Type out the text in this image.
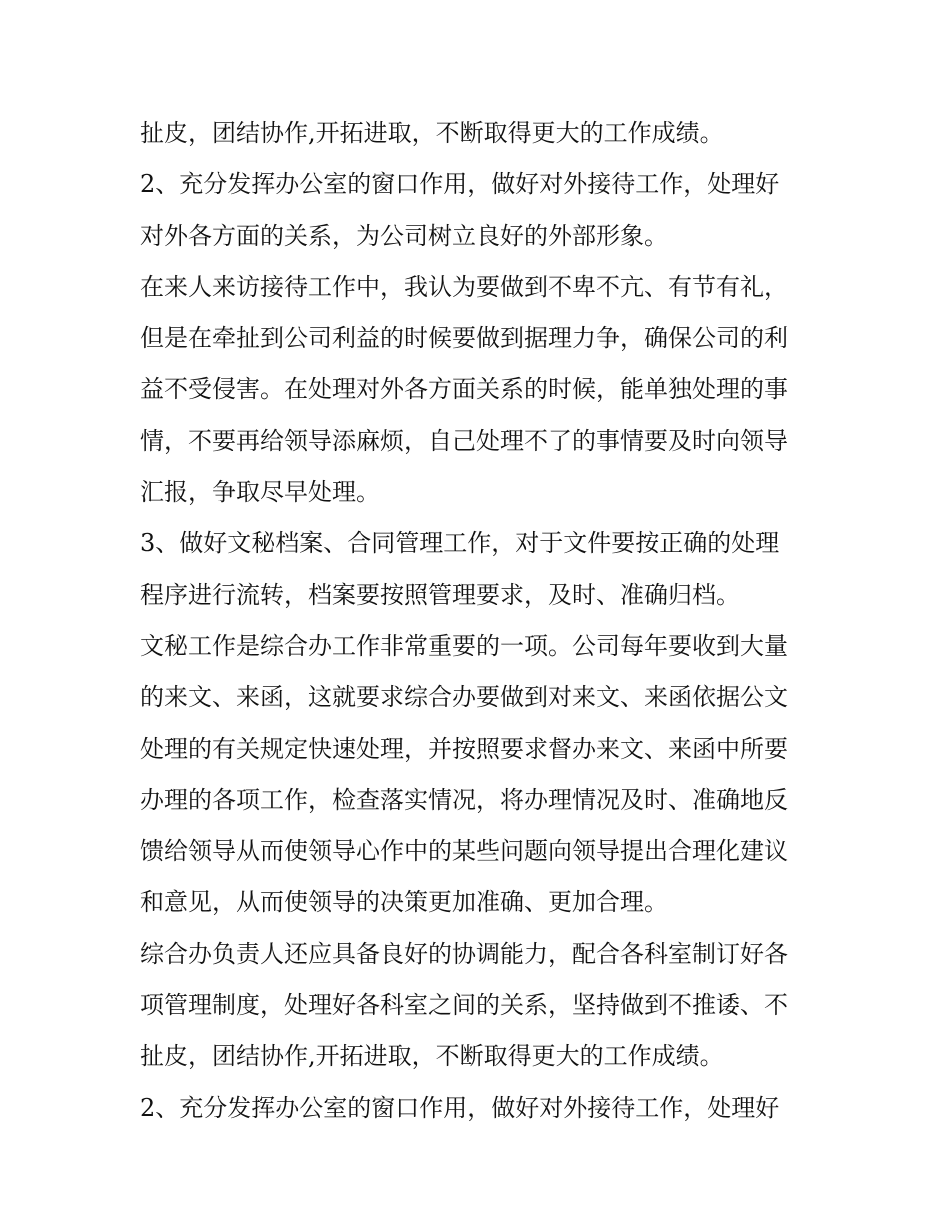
扯皮，团结协作,开拓进取，不断取得更大的工作成绩。
2、充分发挥办公室的窗口作用，做好对外接待工作，处理好
对外各方面的关系，为公司树立良好的外部形象。
在来人来访接待工作中，我认为要做到不卑不亢、有节有礼，
但是在牵扯到公司利益的时候要做到据理力争，确保公司的利
益不受侵害。在处理对外各方面关系的时候，能单独处理的事
情，不要再给领导添麻烦，自己处理不了的事情要及时向领导
汇报，争取尽早处理。
3、做好文秘档案、合同管理工作，对于文件要按正确的处理
程序进行流转，档案要按照管理要求，及时、准确归档。
文秘工作是综合办工作非常重要的一项。公司每年要收到大量
的来文、来函，这就要求综合办要做到对来文、来函依据公文
处理的有关规定快速处理，并按照要求督办来文、来函中所要
办理的各项工作，检查落实情况，将办理情况及时、准确地反
馈给领导从而使领导心作中的某些问题向领导提出合理化建议
和意见，从而使领导的决策更加准确、更加合理。
综合办负责人还应具备良好的协调能力，配合各科室制订好各
项管理制度，处理好各科室之间的关系，坚持做到不推诿、不
扯皮，团结协作,开拓进取，不断取得更大的工作成绩。
2、充分发挥办公室的窗口作用，做好对外接待工作，处理好
